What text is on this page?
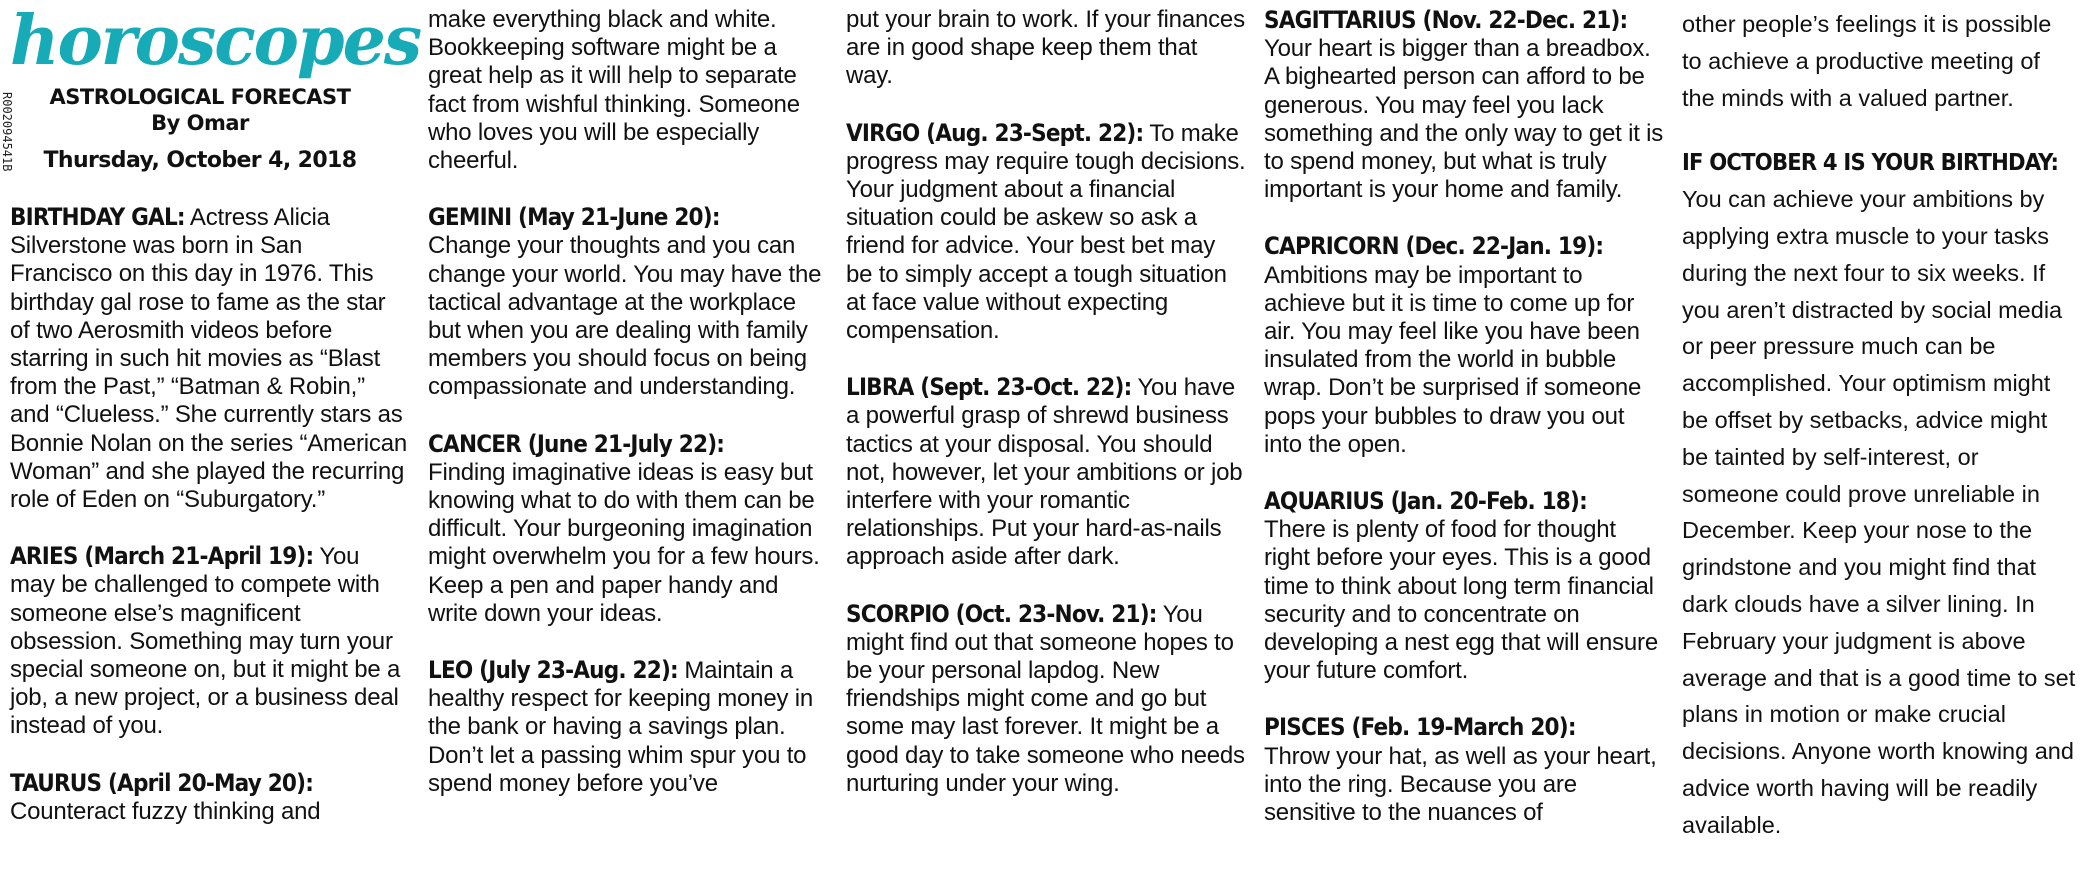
R002094541B
horoscopes
ASTROLOGICAL FORECAST
By Omar
Thursday, October 4, 2018

BIRTHDAY GAL: Actress Alicia Silverstone was born in San Francisco on this day in 1976. This birthday gal rose to fame as the star of two Aerosmith videos before starring in such hit movies as “Blast from the Past,” “Batman & Robin,” and “Clueless.” She currently stars as Bonnie Nolan on the series “American Woman” and she played the recurring role of Eden on “Suburgatory.”

ARIES (March 21-April 19): You may be challenged to compete with someone else’s magnificent obsession. Something may turn your special someone on, but it might be a job, a new project, or a business deal instead of you.

TAURUS (April 20-May 20):
Counteract fuzzy thinking and

make everything black and white. Bookkeeping software might be a great help as it will help to separate fact from wishful thinking. Someone who loves you will be especially cheerful.

GEMINI (May 21-June 20):
Change your thoughts and you can change your world. You may have the tactical advantage at the workplace but when you are dealing with family members you should focus on being compassionate and understanding.

CANCER (June 21-July 22):
Finding imaginative ideas is easy but knowing what to do with them can be difficult. Your burgeoning imagination might overwhelm you for a few hours. Keep a pen and paper handy and write down your ideas.

LEO (July 23-Aug. 22): Maintain a healthy respect for keeping money in the bank or having a savings plan. Don’t let a passing whim spur you to spend money before you’ve

put your brain to work. If your finances are in good shape keep them that way.

VIRGO (Aug. 23-Sept. 22): To make progress may require tough decisions. Your judgment about a financial situation could be askew so ask a friend for advice. Your best bet may be to simply accept a tough situation at face value without expecting compensation.

LIBRA (Sept. 23-Oct. 22): You have a powerful grasp of shrewd business tactics at your disposal. You should not, however, let your ambitions or job interfere with your romantic relationships. Put your hard-as-nails approach aside after dark.

SCORPIO (Oct. 23-Nov. 21): You might find out that someone hopes to be your personal lapdog. New friendships might come and go but some may last forever. It might be a good day to take someone who needs nurturing under your wing.

SAGITTARIUS (Nov. 22-Dec. 21): Your heart is bigger than a breadbox. A bighearted person can afford to be generous. You may feel you lack something and the only way to get it is to spend money, but what is truly important is your home and family.

CAPRICORN (Dec. 22-Jan. 19):
Ambitions may be important to achieve but it is time to come up for air. You may feel like you have been insulated from the world in bubble wrap. Don’t be surprised if someone pops your bubbles to draw you out into the open.

AQUARIUS (Jan. 20-Feb. 18):
There is plenty of food for thought right before your eyes. This is a good time to think about long term financial security and to concentrate on developing a nest egg that will ensure your future comfort.

PISCES (Feb. 19-March 20):
Throw your hat, as well as your heart, into the ring. Because you are sensitive to the nuances of

other people’s feelings it is possible to achieve a productive meeting of the minds with a valued partner.

IF OCTOBER 4 IS YOUR BIRTHDAY:
You can achieve your ambitions by applying extra muscle to your tasks during the next four to six weeks. If you aren’t distracted by social media or peer pressure much can be accomplished. Your optimism might be offset by setbacks, advice might be tainted by self-interest, or someone could prove unreliable in December. Keep your nose to the grindstone and you might find that dark clouds have a silver lining. In February your judgment is above average and that is a good time to set plans in motion or make crucial decisions. Anyone worth knowing and advice worth having will be readily available.
